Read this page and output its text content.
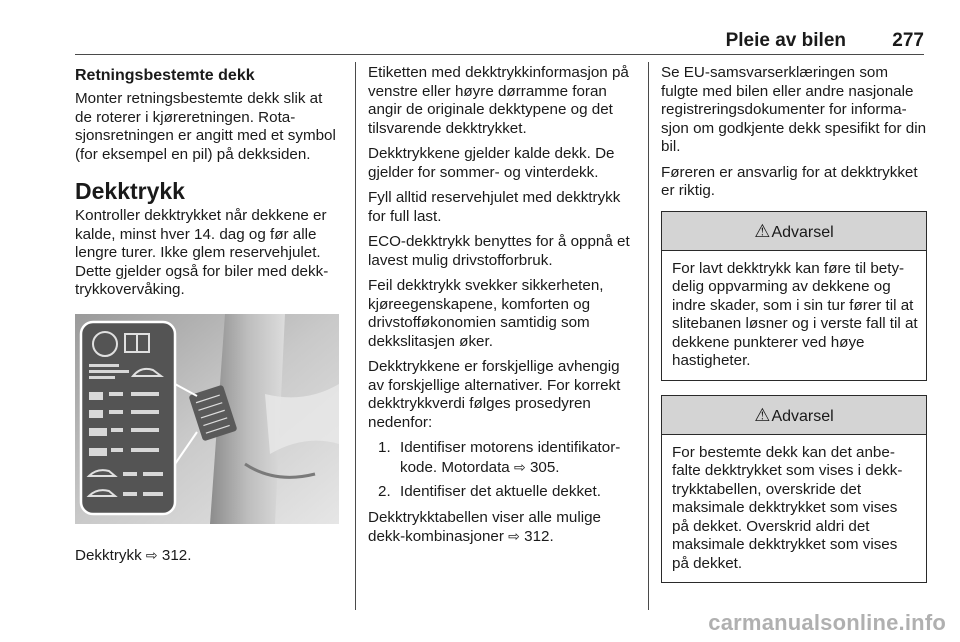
Pleie av bilen 277
Retningsbestemte dekk

Monter retningsbestemte dekk slik at de roterer i kjøreretningen. Rotasjonsretningen er angitt med et symbol (for eksempel en pil) på dekksiden.

Dekktrykk

Kontroller dekktrykket når dekkene er kalde, minst hver 14. dag og før alle lengre turer. Ikke glem reservehjulet. Dette gjelder også for biler med dekktrykkovervåking.

Dekktrykk ⇨ 312.

Etiketten med dekktrykkinformasjon på venstre eller høyre dørramme foran angir de originale dekktypene og det tilsvarende dekktrykket.

Dekktrykkene gjelder kalde dekk. De gjelder for sommer- og vinterdekk.

Fyll alltid reservehjulet med dekktrykk for full last.

ECO-dekktrykk benyttes for å oppnå et lavest mulig drivstofforbruk.

Feil dekktrykk svekker sikkerheten, kjøreegenskapene, komforten og drivstofføkonomien samtidig som dekkslitasjen øker.

Dekktrykkene er forskjellige avhengig av forskjellige alternativer. For korrekt dekktrykkverdi følges prosedyren nedenfor:

1. Identifiser motorens identifikatorkode. Motordata ⇨ 305.
2. Identifiser det aktuelle dekket.

Dekktrykktabellen viser alle mulige dekk-kombinasjoner ⇨ 312.

Se EU-samsvarserklæringen som fulgte med bilen eller andre nasjonale registreringsdokumenter for informasjon om godkjente dekk spesifikt for din bil.

Føreren er ansvarlig for at dekktrykket er riktig.

⚠Advarsel

For lavt dekktrykk kan føre til betydelig oppvarming av dekkene og indre skader, som i sin tur fører til at slitebanen løsner og i verste fall til at dekkene punkterer ved høye hastigheter.

⚠Advarsel

For bestemte dekk kan det anbefalte dekktrykket som vises i dekktrykktabellen, overskride det maksimale dekktrykket som vises på dekket. Overskrid aldri det maksimale dekktrykket som vises på dekket.

carmanualsonline.info
